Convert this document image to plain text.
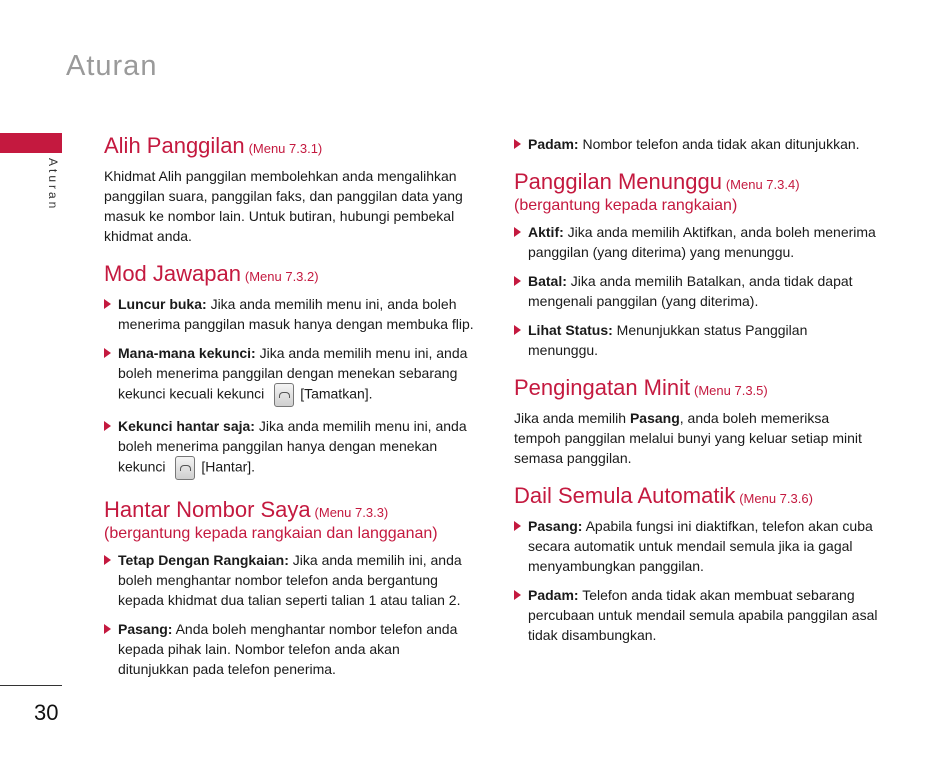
Aturan
Aturan
30
Alih Panggilan (Menu 7.3.1)

Khidmat Alih panggilan membolehkan anda mengalihkan panggilan suara, panggilan faks, dan panggilan data yang masuk ke nombor lain. Untuk butiran, hubungi pembekal khidmat anda.

Mod Jawapan (Menu 7.3.2)
Luncur buka: Jika anda memilih menu ini, anda boleh menerima panggilan masuk hanya dengan membuka flip.
Mana-mana kekunci: Jika anda memilih menu ini, anda boleh menerima panggilan dengan menekan sebarang kekunci kecuali kekunci	[Tamatkan].
Kekunci hantar saja: Jika anda memilih menu ini, anda boleh menerima panggilan hanya dengan menekan kekunci	[Hantar].
Hantar Nombor Saya (Menu 7.3.3)
(bergantung kepada rangkaian dan langganan)
Tetap Dengan Rangkaian: Jika anda memilih ini, anda boleh menghantar nombor telefon anda bergantung kepada khidmat dua talian seperti talian 1 atau talian 2.
Pasang: Anda boleh menghantar nombor telefon anda kepada pihak lain. Nombor telefon anda akan ditunjukkan pada telefon penerima.
Padam: Nombor telefon anda tidak akan ditunjukkan.
Panggilan Menunggu (Menu 7.3.4)
(bergantung kepada rangkaian)
Aktif: Jika anda memilih Aktifkan, anda boleh menerima panggilan (yang diterima) yang menunggu.
Batal: Jika anda memilih Batalkan, anda tidak dapat mengenali panggilan (yang diterima).
Lihat Status: Menunjukkan status Panggilan menunggu.
Pengingatan Minit (Menu 7.3.5)

Jika anda memilih Pasang, anda boleh memeriksa tempoh panggilan melalui bunyi yang keluar setiap minit semasa panggilan.

Dail Semula Automatik (Menu 7.3.6)
Pasang: Apabila fungsi ini diaktifkan, telefon akan cuba secara automatik untuk mendail semula jika ia gagal menyambungkan panggilan.
Padam: Telefon anda tidak akan membuat sebarang percubaan untuk mendail semula apabila panggilan asal tidak disambungkan.
